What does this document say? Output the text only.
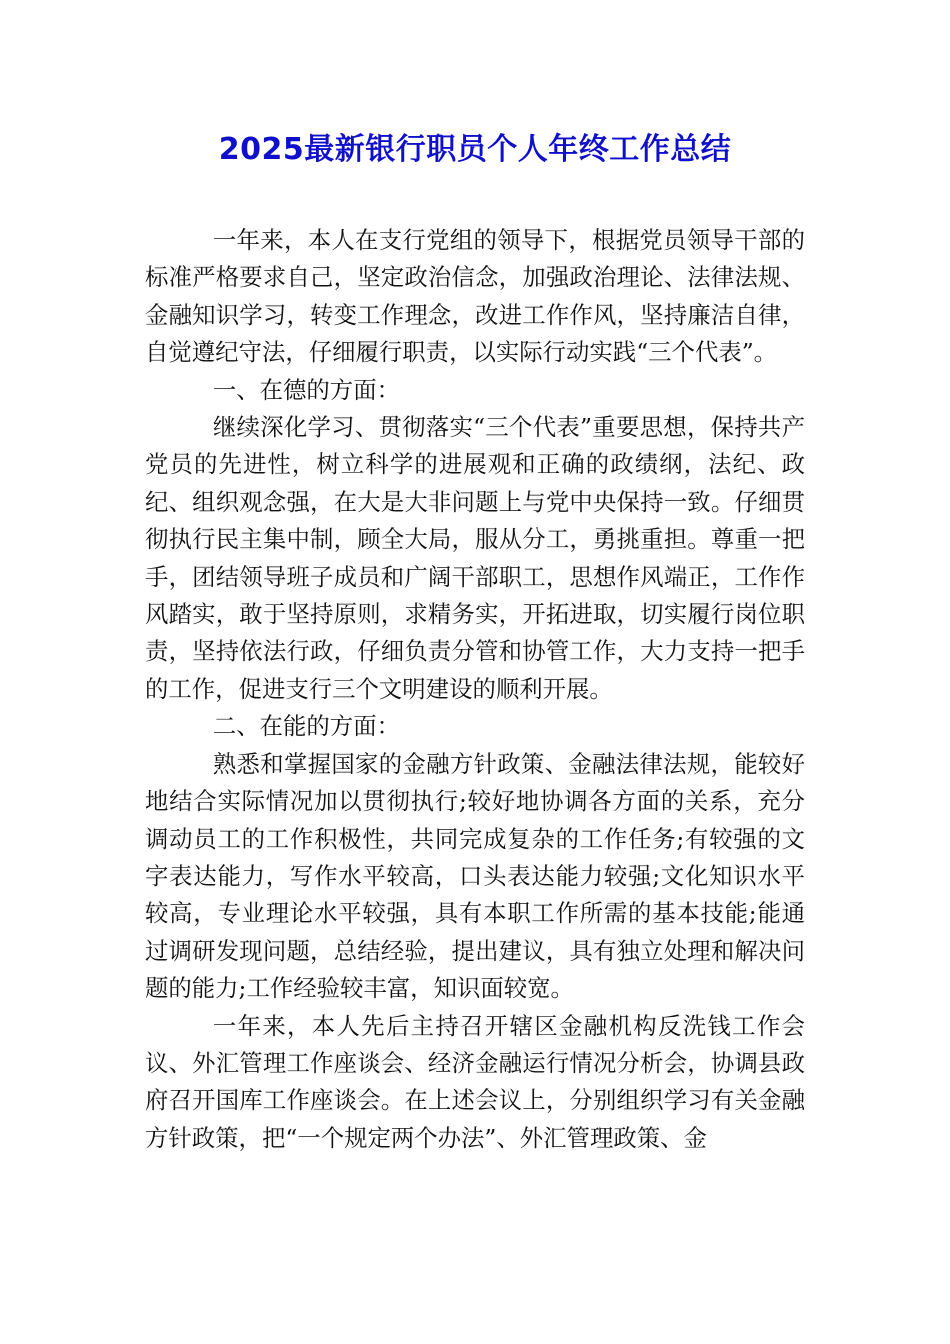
2025最新银行职员个人年终工作总结

一年来，本人在支行党组的领导下，根据党员领导干部的标准严格要求自己，坚定政治信念，加强政治理论、法律法规、金融知识学习，转变工作理念，改进工作作风，坚持廉洁自律，自觉遵纪守法，仔细履行职责，以实际行动实践“三个代表”。

一、在德的方面：

继续深化学习、贯彻落实“三个代表”重要思想，保持共产党员的先进性，树立科学的进展观和正确的政绩纲，法纪、政纪、组织观念强，在大是大非问题上与党中央保持一致。仔细贯彻执行民主集中制，顾全大局，服从分工，勇挑重担。尊重一把手，团结领导班子成员和广阔干部职工，思想作风端正，工作作风踏实，敢于坚持原则，求精务实，开拓进取，切实履行岗位职责，坚持依法行政，仔细负责分管和协管工作，大力支持一把手的工作，促进支行三个文明建设的顺利开展。

二、在能的方面：

熟悉和掌握国家的金融方针政策、金融法律法规，能较好地结合实际情况加以贯彻执行;较好地协调各方面的关系，充分调动员工的工作积极性，共同完成复杂的工作任务;有较强的文字表达能力，写作水平较高，口头表达能力较强;文化知识水平较高，专业理论水平较强，具有本职工作所需的基本技能;能通过调研发现问题，总结经验，提出建议，具有独立处理和解决问题的能力;工作经验较丰富，知识面较宽。

一年来，本人先后主持召开辖区金融机构反洗钱工作会议、外汇管理工作座谈会、经济金融运行情况分析会，协调县政府召开国库工作座谈会。在上述会议上，分别组织学习有关金融方针政策，把“一个规定两个办法”、外汇管理政策、金
